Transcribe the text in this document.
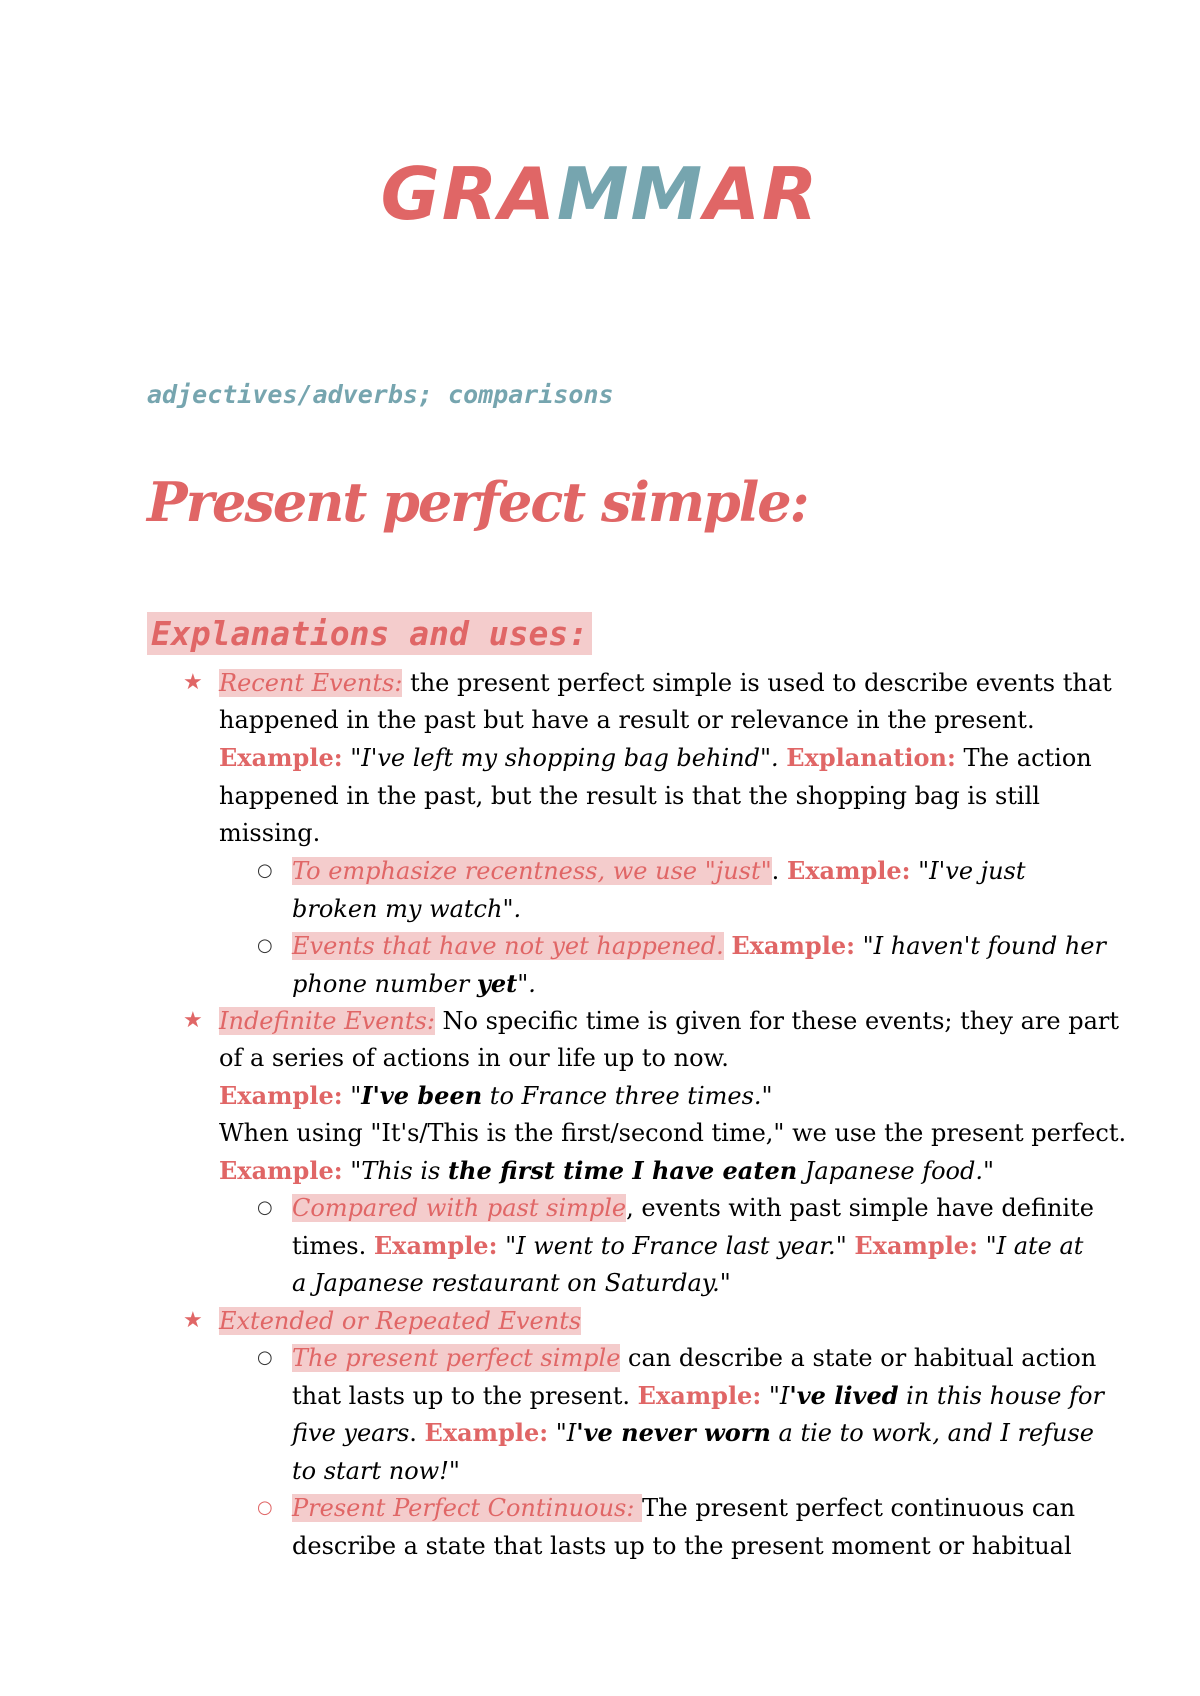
GRAMMAR
adjectives/adverbs; comparisons
Present perfect simple:
Explanations and uses:
★ Recent Events: the present perfect simple is used to describe events that
happened in the past but have a result or relevance in the present.
Example: "I've left my shopping bag behind". Explanation: The action
happened in the past, but the result is that the shopping bag is still
missing.
○ To emphasize recentness, we use "just". Example: "I've just
broken my watch".
○ Events that have not yet happened. Example: "I haven't found her
phone number yet".
★ Indefinite Events: No specific time is given for these events; they are part
of a series of actions in our life up to now.
Example: "I've been to France three times."
When using "It's/This is the first/second time," we use the present perfect.
Example: "This is the first time I have eaten Japanese food."
○ Compared with past simple, events with past simple have definite
times. Example: "I went to France last year." Example: "I ate at
a Japanese restaurant on Saturday."
★ Extended or Repeated Events
○ The present perfect simple can describe a state or habitual action
that lasts up to the present. Example: "I've lived in this house for
five years. Example: "I've never worn a tie to work, and I refuse
to start now!"
○ Present Perfect Continuous: The present perfect continuous can
describe a state that lasts up to the present moment or habitual
